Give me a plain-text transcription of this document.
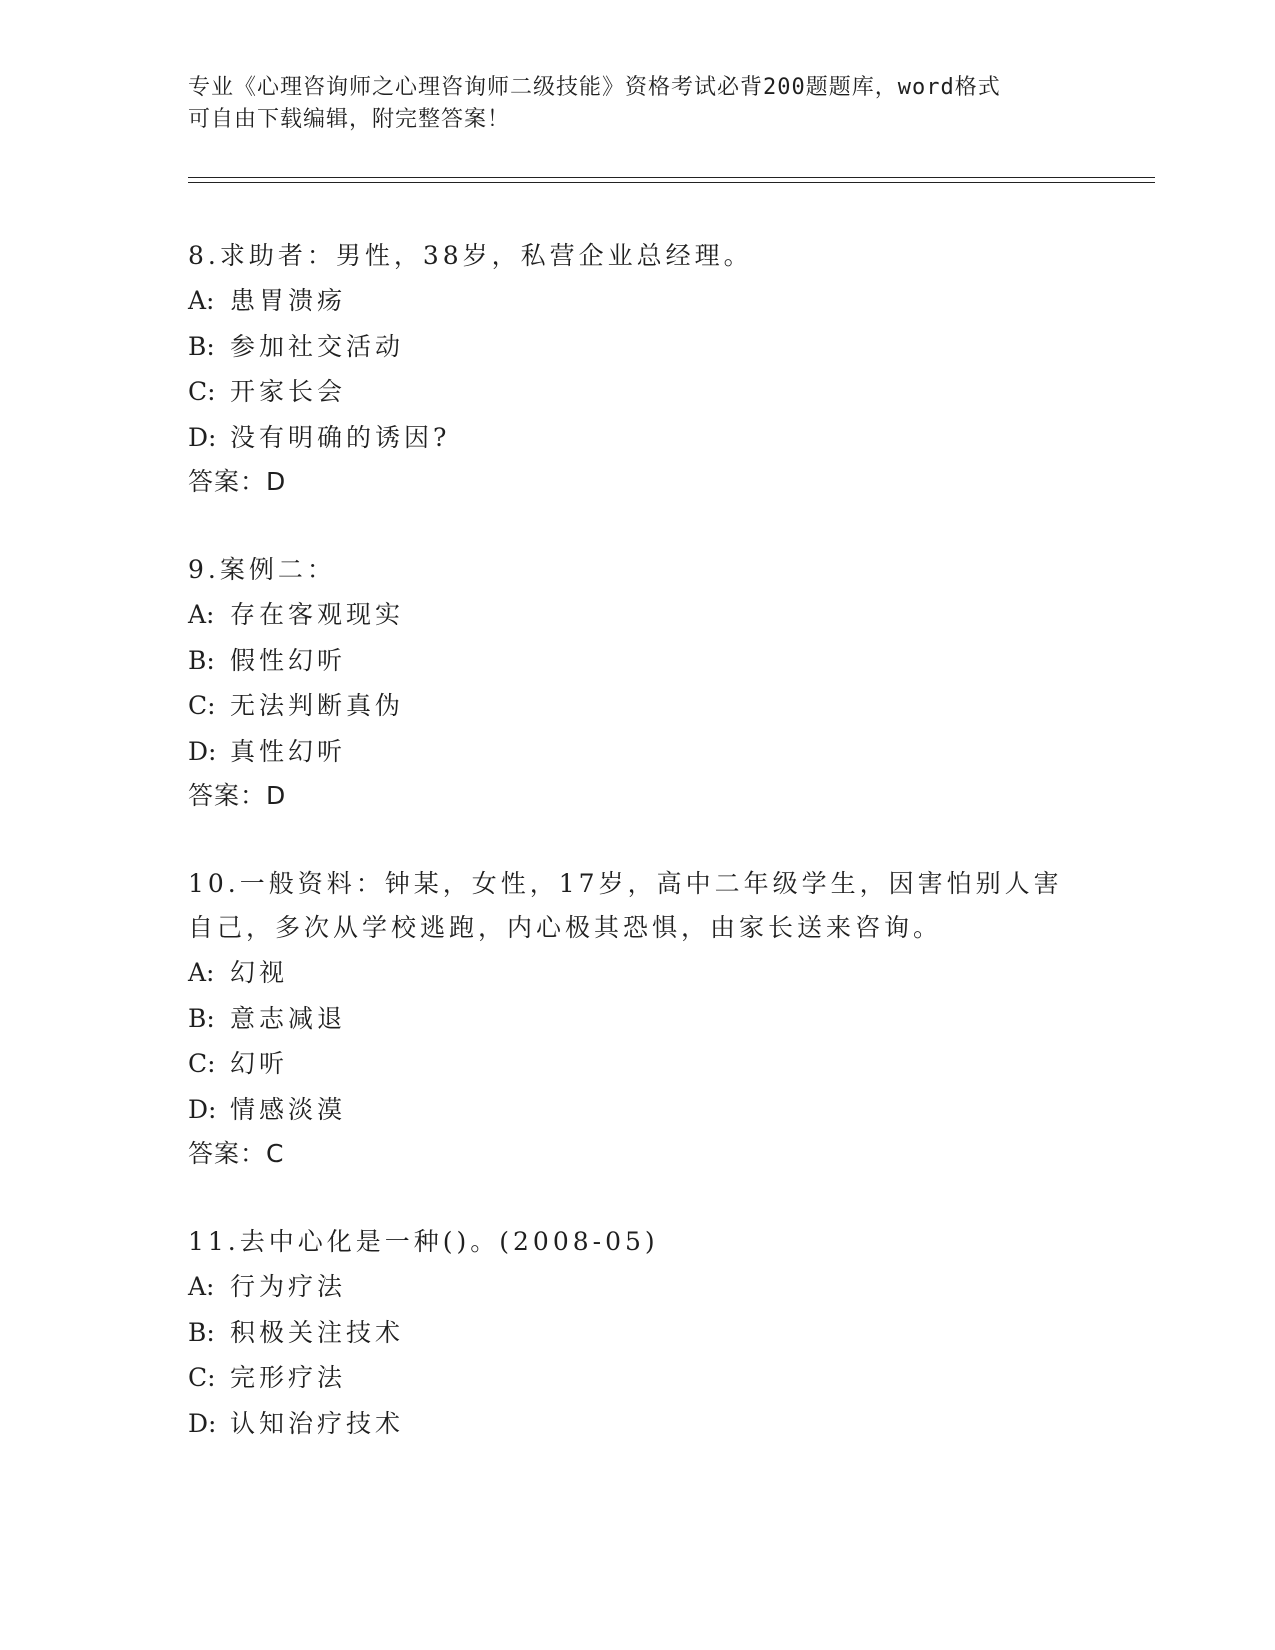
专业《心理咨询师之心理咨询师二级技能》资格考试必背200题题库，word格式
可自由下载编辑，附完整答案！
8.求助者：男性，38岁，私营企业总经理。
A: 患胃溃疡
B: 参加社交活动
C: 开家长会
D: 没有明确的诱因?
答案：D
9.案例二：
A: 存在客观现实
B: 假性幻听
C: 无法判断真伪
D: 真性幻听
答案：D
10.一般资料：钟某，女性，17岁，高中二年级学生，因害怕别人害自己，多次从学校逃跑，内心极其恐惧，由家长送来咨询。
A: 幻视
B: 意志减退
C: 幻听
D: 情感淡漠
答案：C
11.去中心化是一种()。(2008-05)
A: 行为疗法
B: 积极关注技术
C: 完形疗法
D: 认知治疗技术
